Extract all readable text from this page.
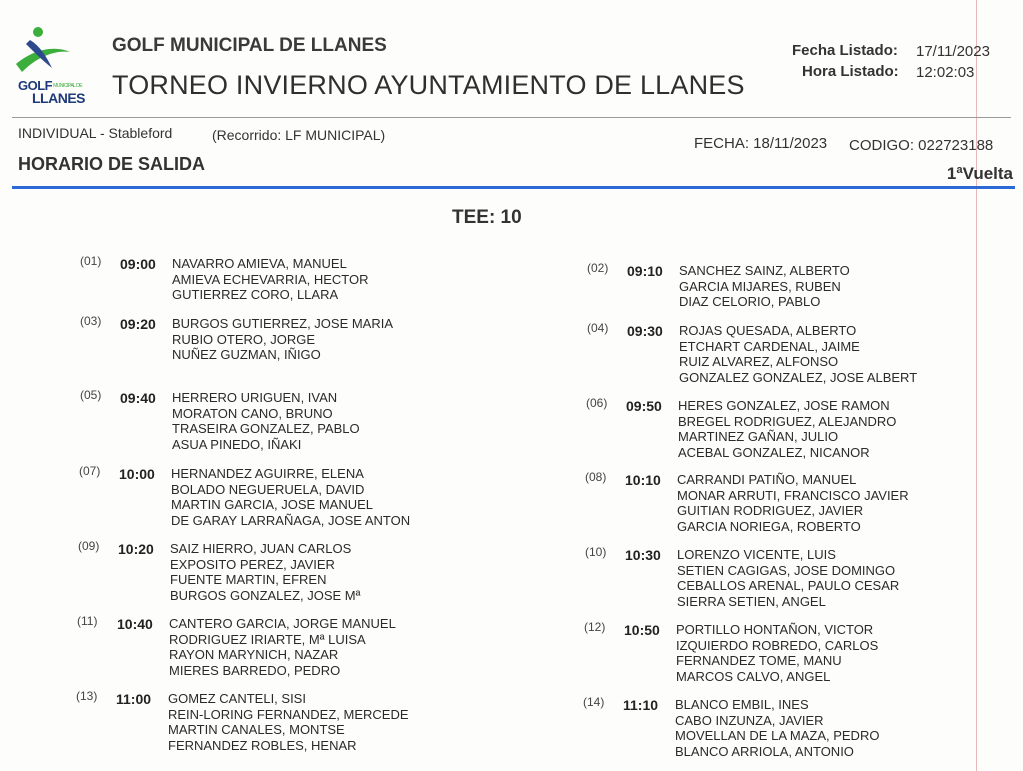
$GOLF^{MUNICIPAL DE}$
LLANES
GOLF MUNICIPAL DE LLANES
TORNEO INVIERNO AYUNTAMIENTO DE LLANES
Fecha Listado: 17/11/2023
Hora Listado: 12:02:03
INDIVIDUAL - Stableford	(Recorrido: LF MUNICIPAL)	FECHA: 18/11/2023 CODIGO: 022723188
HORARIO DE SALIDA	1ªVuelta
TEE: 10
(01) 09:00 NAVARRO AMIEVA, MANUEL
AMIEVA ECHEVARRIA, HECTOR
GUTIERREZ CORO, LLARA
(03) 09:20 BURGOS GUTIERREZ, JOSE MARIA
RUBIO OTERO, JORGE
NUÑEZ GUZMAN, IÑIGO
(05) 09:40 HERRERO URIGUEN, IVAN
MORATON CANO, BRUNO
TRASEIRA GONZALEZ, PABLO
ASUA PINEDO, IÑAKI
(07) 10:00 HERNANDEZ AGUIRRE, ELENA
BOLADO NEGUERUELA, DAVID
MARTIN GARCIA, JOSE MANUEL
DE GARAY LARRAÑAGA, JOSE ANTON
(09) 10:20 SAIZ HIERRO, JUAN CARLOS
EXPOSITO PEREZ, JAVIER
FUENTE MARTIN, EFREN
BURGOS GONZALEZ, JOSE Mª
(11) 10:40 CANTERO GARCIA, JORGE MANUEL
RODRIGUEZ IRIARTE, Mª LUISA
RAYON MARYNICH, NAZAR
MIERES BARREDO, PEDRO
(13) 11:00 GOMEZ CANTELI, SISI
REIN-LORING FERNANDEZ, MERCEDE
MARTIN CANALES, MONTSE
FERNANDEZ ROBLES, HENAR
(02) 09:10 SANCHEZ SAINZ, ALBERTO
GARCIA MIJARES, RUBEN
DIAZ CELORIO, PABLO
(04) 09:30 ROJAS QUESADA, ALBERTO
ETCHART CARDENAL, JAIME
RUIZ ALVAREZ, ALFONSO
GONZALEZ GONZALEZ, JOSE ALBERT
(06) 09:50 HERES GONZALEZ, JOSE RAMON
BREGEL RODRIGUEZ, ALEJANDRO
MARTINEZ GAÑAN, JULIO
ACEBAL GONZALEZ, NICANOR
(08) 10:10 CARRANDI PATIÑO, MANUEL
MONAR ARRUTI, FRANCISCO JAVIER
GUITIAN RODRIGUEZ, JAVIER
GARCIA NORIEGA, ROBERTO
(10) 10:30 LORENZO VICENTE, LUIS
SETIEN CAGIGAS, JOSE DOMINGO
CEBALLOS ARENAL, PAULO CESAR
SIERRA SETIEN, ANGEL
(12) 10:50 PORTILLO HONTAÑON, VICTOR
IZQUIERDO ROBREDO, CARLOS
FERNANDEZ TOME, MANU
MARCOS CALVO, ANGEL
(14) 11:10 BLANCO EMBIL, INES
CABO INZUNZA, JAVIER
MOVELLAN DE LA MAZA, PEDRO
BLANCO ARRIOLA, ANTONIO
